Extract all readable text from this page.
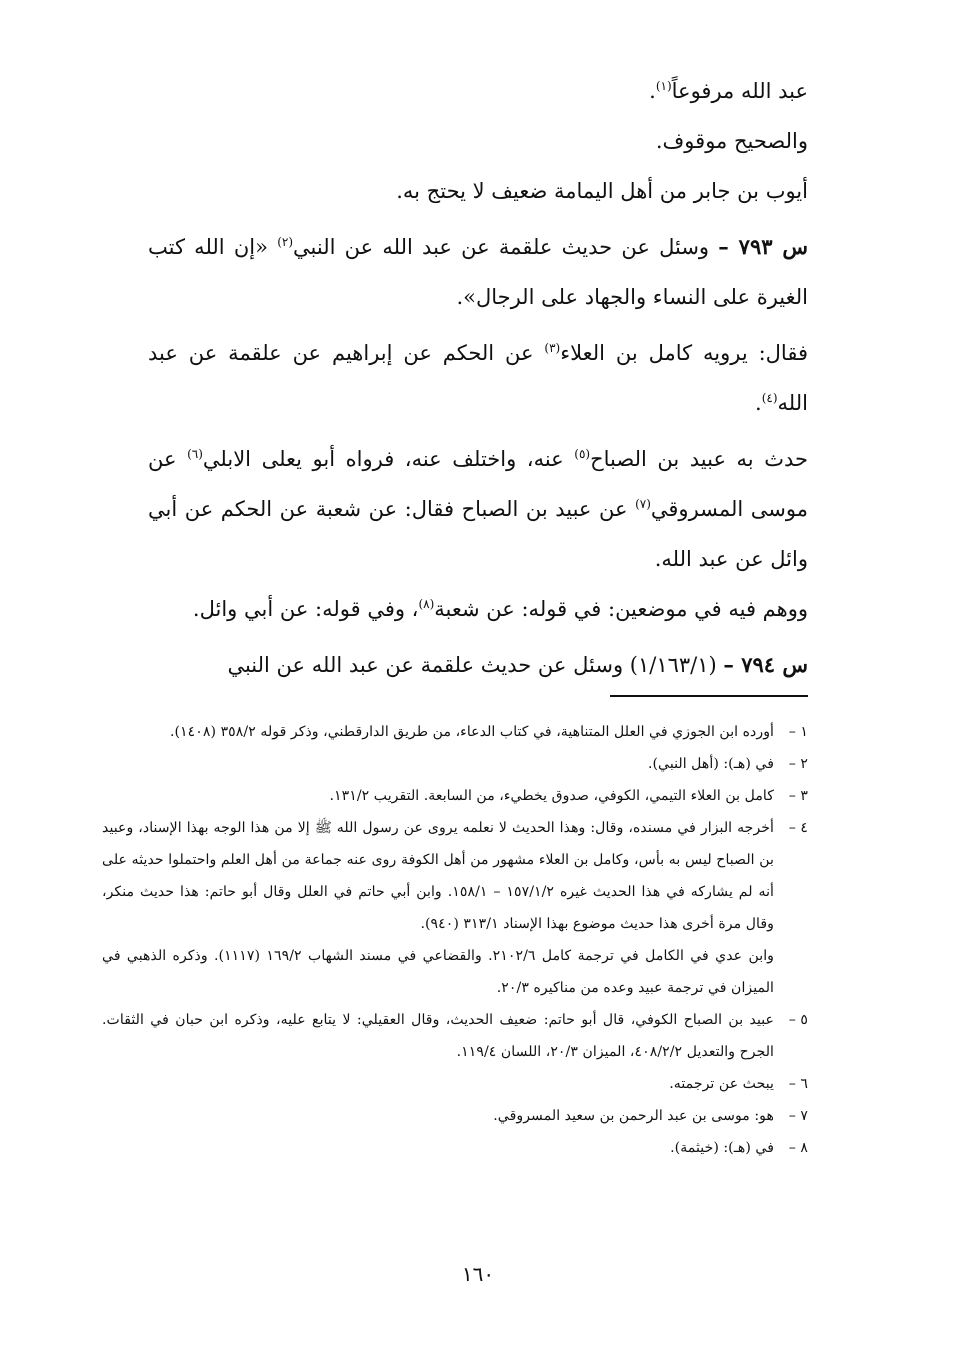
عبد الله مرفوعاً$^{(١)}$.

والصحيح موقوف.

أيوب بن جابر من أهل اليمامة ضعيف لا يحتج به.

س ٧٩٣ – وسئل عن حديث علقمة عن عبد الله عن النبي$^{(٢)}$ «إن الله كتب الغيرة على النساء والجهاد على الرجال».

فقال: يرويه كامل بن العلاء$^{(٣)}$ عن الحكم عن إبراهيم عن علقمة عن عبد الله$^{(٤)}$.

حدث به عبيد بن الصباح$^{(٥)}$ عنه، واختلف عنه، فرواه أبو يعلى الابلي$^{(٦)}$ عن موسى المسروقي$^{(٧)}$ عن عبيد بن الصباح فقال: عن شعبة عن الحكم عن أبي وائل عن عبد الله.

ووهم فيه في موضعين: في قوله: عن شعبة$^{(٨)}$، وفي قوله: عن أبي وائل.

س ٧٩٤ – (١/١٦٣/١) وسئل عن حديث علقمة عن عبد الله عن النبي

١ –
أورده ابن الجوزي في العلل المتناهية، في كتاب الدعاء، من طريق الدارقطني، وذكر قوله ٣٥٨/٢ (١٤٠٨).
٢ –
في (هـ): (أهل النبي).
٣ –
كامل بن العلاء التيمي، الكوفي، صدوق يخطيء، من السابعة. التقريب ١٣١/٢.
٤ –
أخرجه البزار في مسنده، وقال: وهذا الحديث لا نعلمه يروى عن رسول الله ﷺ إلا من هذا الوجه بهذا الإسناد، وعبيد بن الصباح ليس به بأس، وكامل بن العلاء مشهور من أهل الكوفة روى عنه جماعة من أهل العلم واحتملوا حديثه على أنه لم يشاركه في هذا الحديث غيره ١٥٧/١/٢ – ١٥٨/١. وابن أبي حاتم في العلل وقال أبو حاتم: هذا حديث منكر، وقال مرة أخرى هذا حديث موضوع بهذا الإسناد ٣١٣/١ (٩٤٠).
وابن عدي في الكامل في ترجمة كامل ٢١٠٢/٦. والقضاعي في مسند الشهاب ١٦٩/٢ (١١١٧). وذكره الذهبي في الميزان في ترجمة عبيد وعده من مناكيره ٢٠/٣.
٥ –
عبيد بن الصباح الكوفي، قال أبو حاتم: ضعيف الحديث، وقال العقيلي: لا يتابع عليه، وذكره ابن حبان في الثقات. الجرح والتعديل ٤٠٨/٢/٢، الميزان ٢٠/٣، اللسان ١١٩/٤.
٦ –
يبحث عن ترجمته.
٧ –
هو: موسى بن عبد الرحمن بن سعيد المسروقي.
٨ –
في (هـ): (خيثمة).
١٦٠
